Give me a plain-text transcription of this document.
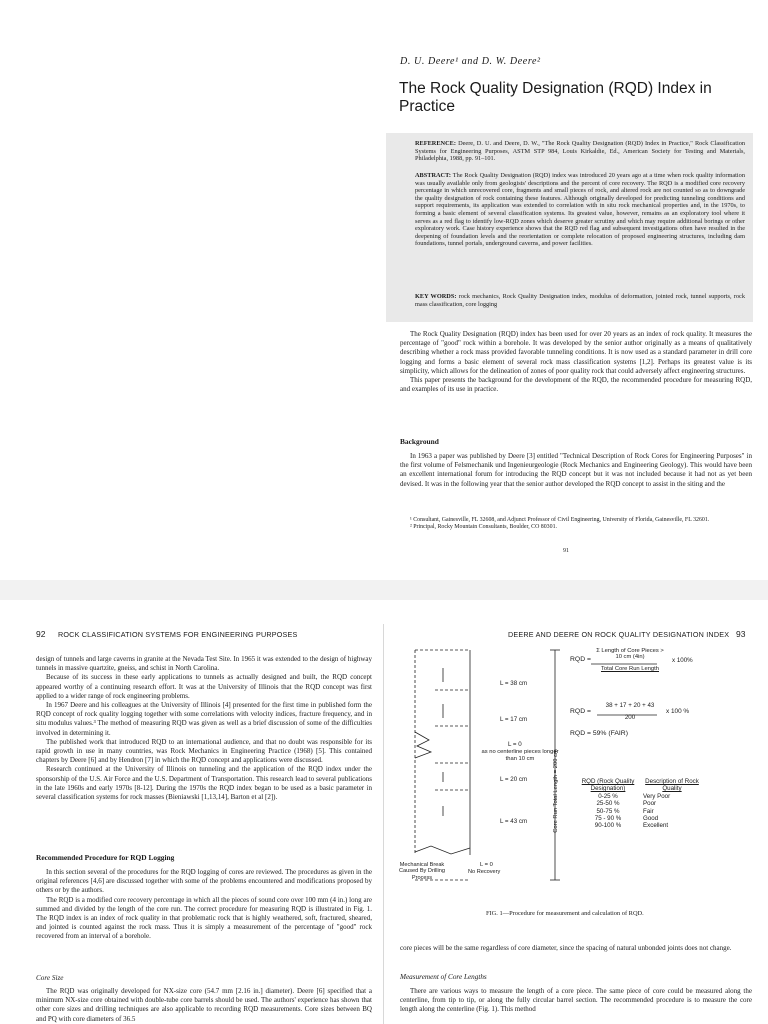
D. U. Deere¹ and D. W. Deere²
The Rock Quality Designation (RQD) Index in Practice
REFERENCE: Deere, D. U. and Deere, D. W., "The Rock Quality Designation (RQD) Index in Practice," Rock Classification Systems for Engineering Purposes, ASTM STP 984, Louis Kirkaldie, Ed., American Society for Testing and Materials, Philadelphia, 1988, pp. 91–101.
ABSTRACT: The Rock Quality Designation (RQD) index was introduced 20 years ago at a time when rock quality information was usually available only from geologists' descriptions and the percent of core recovery. The RQD is a modified core recovery percentage in which unrecovered core, fragments and small pieces of rock, and altered rock are not counted so as to downgrade the quality designation of rock containing these features. Although originally developed for predicting tunneling conditions and support requirements, its application was extended to correlation with in situ rock mechanical properties and, in the 1970s, to forming a basic element of several classification systems. Its greatest value, however, remains as an exploratory tool where it serves as a red flag to identify low-RQD zones which deserve greater scrutiny and which may require additional borings or other exploratory work. Case history experience shows that the RQD red flag and subsequent investigations often have resulted in the deepening of foundation levels and the reorientation or complete relocation of proposed engineering structures, including dam foundations, tunnel portals, underground caverns, and power facilities.
KEY WORDS: rock mechanics, Rock Quality Designation index, modulus of deformation, jointed rock, tunnel supports, rock mass classification, core logging

The Rock Quality Designation (RQD) index has been used for over 20 years as an index of rock quality. It measures the percentage of "good" rock within a borehole. It was developed by the senior author originally as a means of qualitatively describing whether a rock mass provided favorable tunneling conditions. It is now used as a standard parameter in drill core logging and forms a basic element of several rock mass classification systems [1,2]. Perhaps its greatest value is its simplicity, which allows for the delineation of zones of poor quality rock that could adversely affect engineering structures.

This paper presents the background for the development of the RQD, the recommended procedure for measuring RQD, and examples of its use in practice.

Background

In 1963 a paper was published by Deere [3] entitled "Technical Description of Rock Cores for Engineering Purposes" in the first volume of Felsmechanik und Ingenieurgeologie (Rock Mechanics and Engineering Geology). This would have been an excellent international forum for introducing the RQD concept but it was not included because it had not as yet been devised. It was in the following year that the senior author developed the RQD concept to assist in the siting and the

¹ Consultant, Gainesville, FL 32608, and Adjunct Professor of Civil Engineering, University of Florida, Gainesville, FL 32601.

² Principal, Rocky Mountain Consultants, Boulder, CO 80301.

91
92 ROCK CLASSIFICATION SYSTEMS FOR ENGINEERING PURPOSES	DEERE AND DEERE ON ROCK QUALITY DESIGNATION INDEX 93

design of tunnels and large caverns in granite at the Nevada Test Site. In 1965 it was extended to the design of highway tunnels in massive quartzite, gneiss, and schist in North Carolina.

Because of its success in these early applications to tunnels as actually designed and built, the RQD concept appeared worthy of a continuing research effort. It was at the University of Illinois that the RQD concept was first applied to a wider range of rock engineering problems.

In 1967 Deere and his colleagues at the University of Illinois [4] presented for the first time in published form the RQD concept of rock quality logging together with some correlations with velocity indices, fracture frequency, and in situ modulus values.³ The method of measuring RQD was given as well as a brief discussion of some of the difficulties involved in determining it.

The published work that introduced RQD to an international audience, and that no doubt was responsible for its rapid growth in use in many countries, was Rock Mechanics in Engineering Practice (1968) [5]. This contained chapters by Deere [6] and by Hendron [7] in which the RQD concept and applications were discussed.

Research continued at the University of Illinois on tunneling and the application of the RQD index under the sponsorship of the U.S. Air Force and the U.S. Department of Transportation. This research lead to several publications in the late 1960s and early 1970s [8-12]. During the 1970s the RQD index began to be used as a basic parameter in several classification systems for rock masses (Bieniawski [1,13,14], Barton et al [2]).

Recommended Procedure for RQD Logging

In this section several of the procedures for the RQD logging of cores are reviewed. The procedures as given in the original references [4,6] are discussed together with some of the problems encountered and modifications proposed by others or by the authors.

The RQD is a modified core recovery percentage in which all the pieces of sound core over 100 mm (4 in.) long are summed and divided by the length of the core run. The correct procedure for measuring RQD is illustrated in Fig. 1. The RQD index is an index of rock quality in that problematic rock that is highly weathered, soft, fractured, sheared, and jointed is counted against the rock mass. Thus it is simply a measurement of the percentage of "good" rock recovered from an interval of a borehole.

Core Size

The RQD was originally developed for NX-size core (54.7 mm [2.16 in.] diameter). Deere [6] specified that a minimum NX-size core obtained with double-tube core barrels should be used. The authors' experience has shown that other core sizes and drilling techniques are also applicable to recording RQD measurements. Core sizes between BQ and PQ with core diameters of 36.5

L = 38 cm
L = 17 cm
L = 0
as no centerline pieces longer than 10 cm
L = 20 cm
L = 43 cm
Mechanical Break Caused By Drilling Process
L = 0
No Recovery
Core Run Total Length = 200 cm
RQD =
Σ Length of Core Pieces > 10 cm (4in)
Total Core Run Length
x 100%
RQD =
38 + 17 + 20 + 43
200
x 100 %
RQD = 59% (FAIR)
RQD (Rock Quality Designation)	Description of Rock Quality
0-25 %	Very Poor
25-50 %	Poor
50-75 %	Fair
75 - 90 %	Good
90-100 %	Excellent
FIG. 1—Procedure for measurement and calculation of RQD.

core pieces will be the same regardless of core diameter, since the spacing of natural unbonded joints does not change.

Measurement of Core Lengths

There are various ways to measure the length of a core piece. The same piece of core could be measured along the centerline, from tip to tip, or along the fully circular barrel section. The recommended procedure is to measure the core length along the centerline (Fig. 1). This method
